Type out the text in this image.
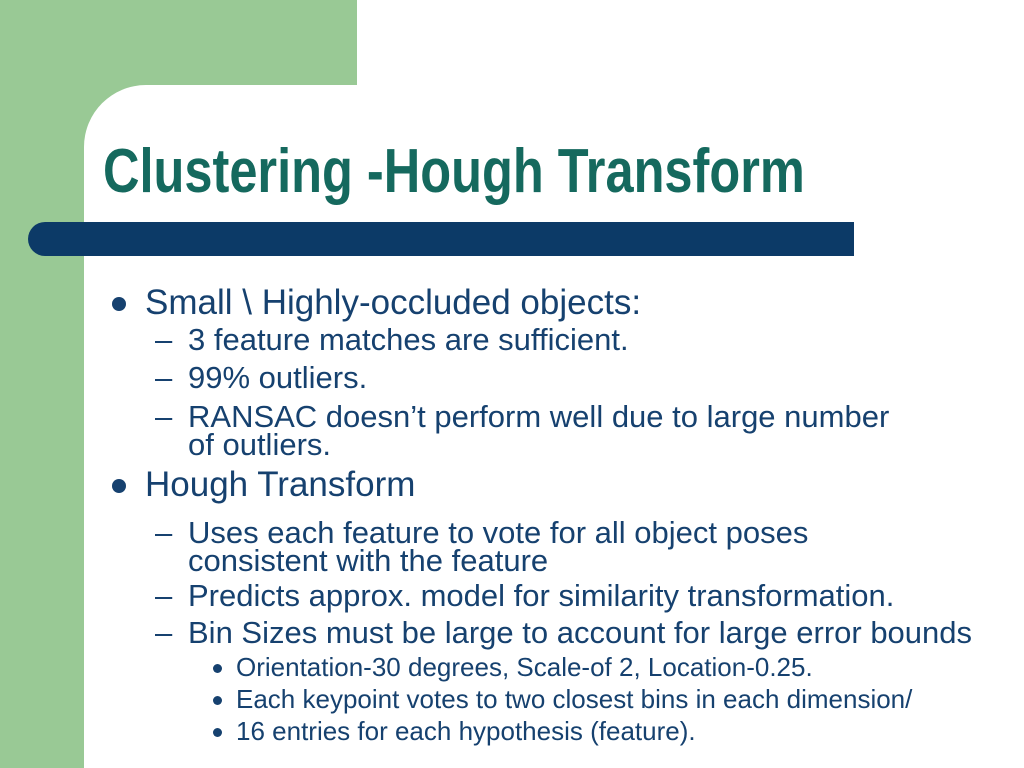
Clustering -Hough Transform
Small \ Highly-occluded objects:
– 3 feature matches are sufficient.
– 99% outliers.
– RANSAC doesn’t perform well due to large number of outliers.
Hough Transform
– Uses each feature to vote for all object poses consistent with the feature
– Predicts approx. model for similarity transformation.
– Bin Sizes must be large to account for large error bounds
Orientation-30 degrees, Scale-of 2, Location-0.25.
Each keypoint votes to two closest bins in each dimension/
16 entries for each hypothesis (feature).
